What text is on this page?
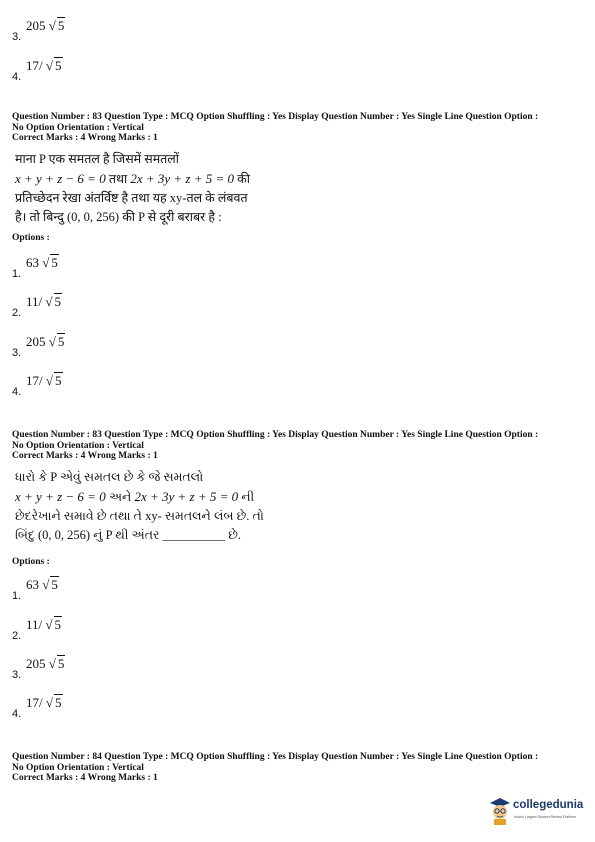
3.205 √ 5
4.17/ √ 5
Question Number : 83 Question Type : MCQ Option Shuffling : Yes Display Question Number : Yes Single Line Question Option :
No Option Orientation : Vertical
Correct Marks : 4 Wrong Marks : 1
माना P एक समतल है जिसमें समतलों
x + y + z − 6 = 0 तथा 2x + 3y + z + 5 = 0 की
प्रतिच्छेदन रेखा अंतर्विष्ट है तथा यह xy-तल के लंबवत
है। तो बिन्दु (0, 0, 256) की P से दूरी बराबर है :
Options :
1.63 √ 5
2.11/ √ 5
3.205 √ 5
4.17/ √ 5
Question Number : 83 Question Type : MCQ Option Shuffling : Yes Display Question Number : Yes Single Line Question Option :
No Option Orientation : Vertical
Correct Marks : 4 Wrong Marks : 1
ધારો કે P એવું સમતલ છે કે જે સમતલો
x + y + z − 6 = 0 અને 2x + 3y + z + 5 = 0 ની
છેદરેખાને સમાવે છે તથા તે xy- સમતલને લંબ છે. તો
બિંદુ (0, 0, 256) નું P થી અંતર __________ છે.
Options :
1.63 √ 5
2.11/ √ 5
3.205 √ 5
4.17/ √ 5
Question Number : 84 Question Type : MCQ Option Shuffling : Yes Display Question Number : Yes Single Line Question Option :
No Option Orientation : Vertical
Correct Marks : 4 Wrong Marks : 1
collegedunia
India's Largest Student Review Platform
